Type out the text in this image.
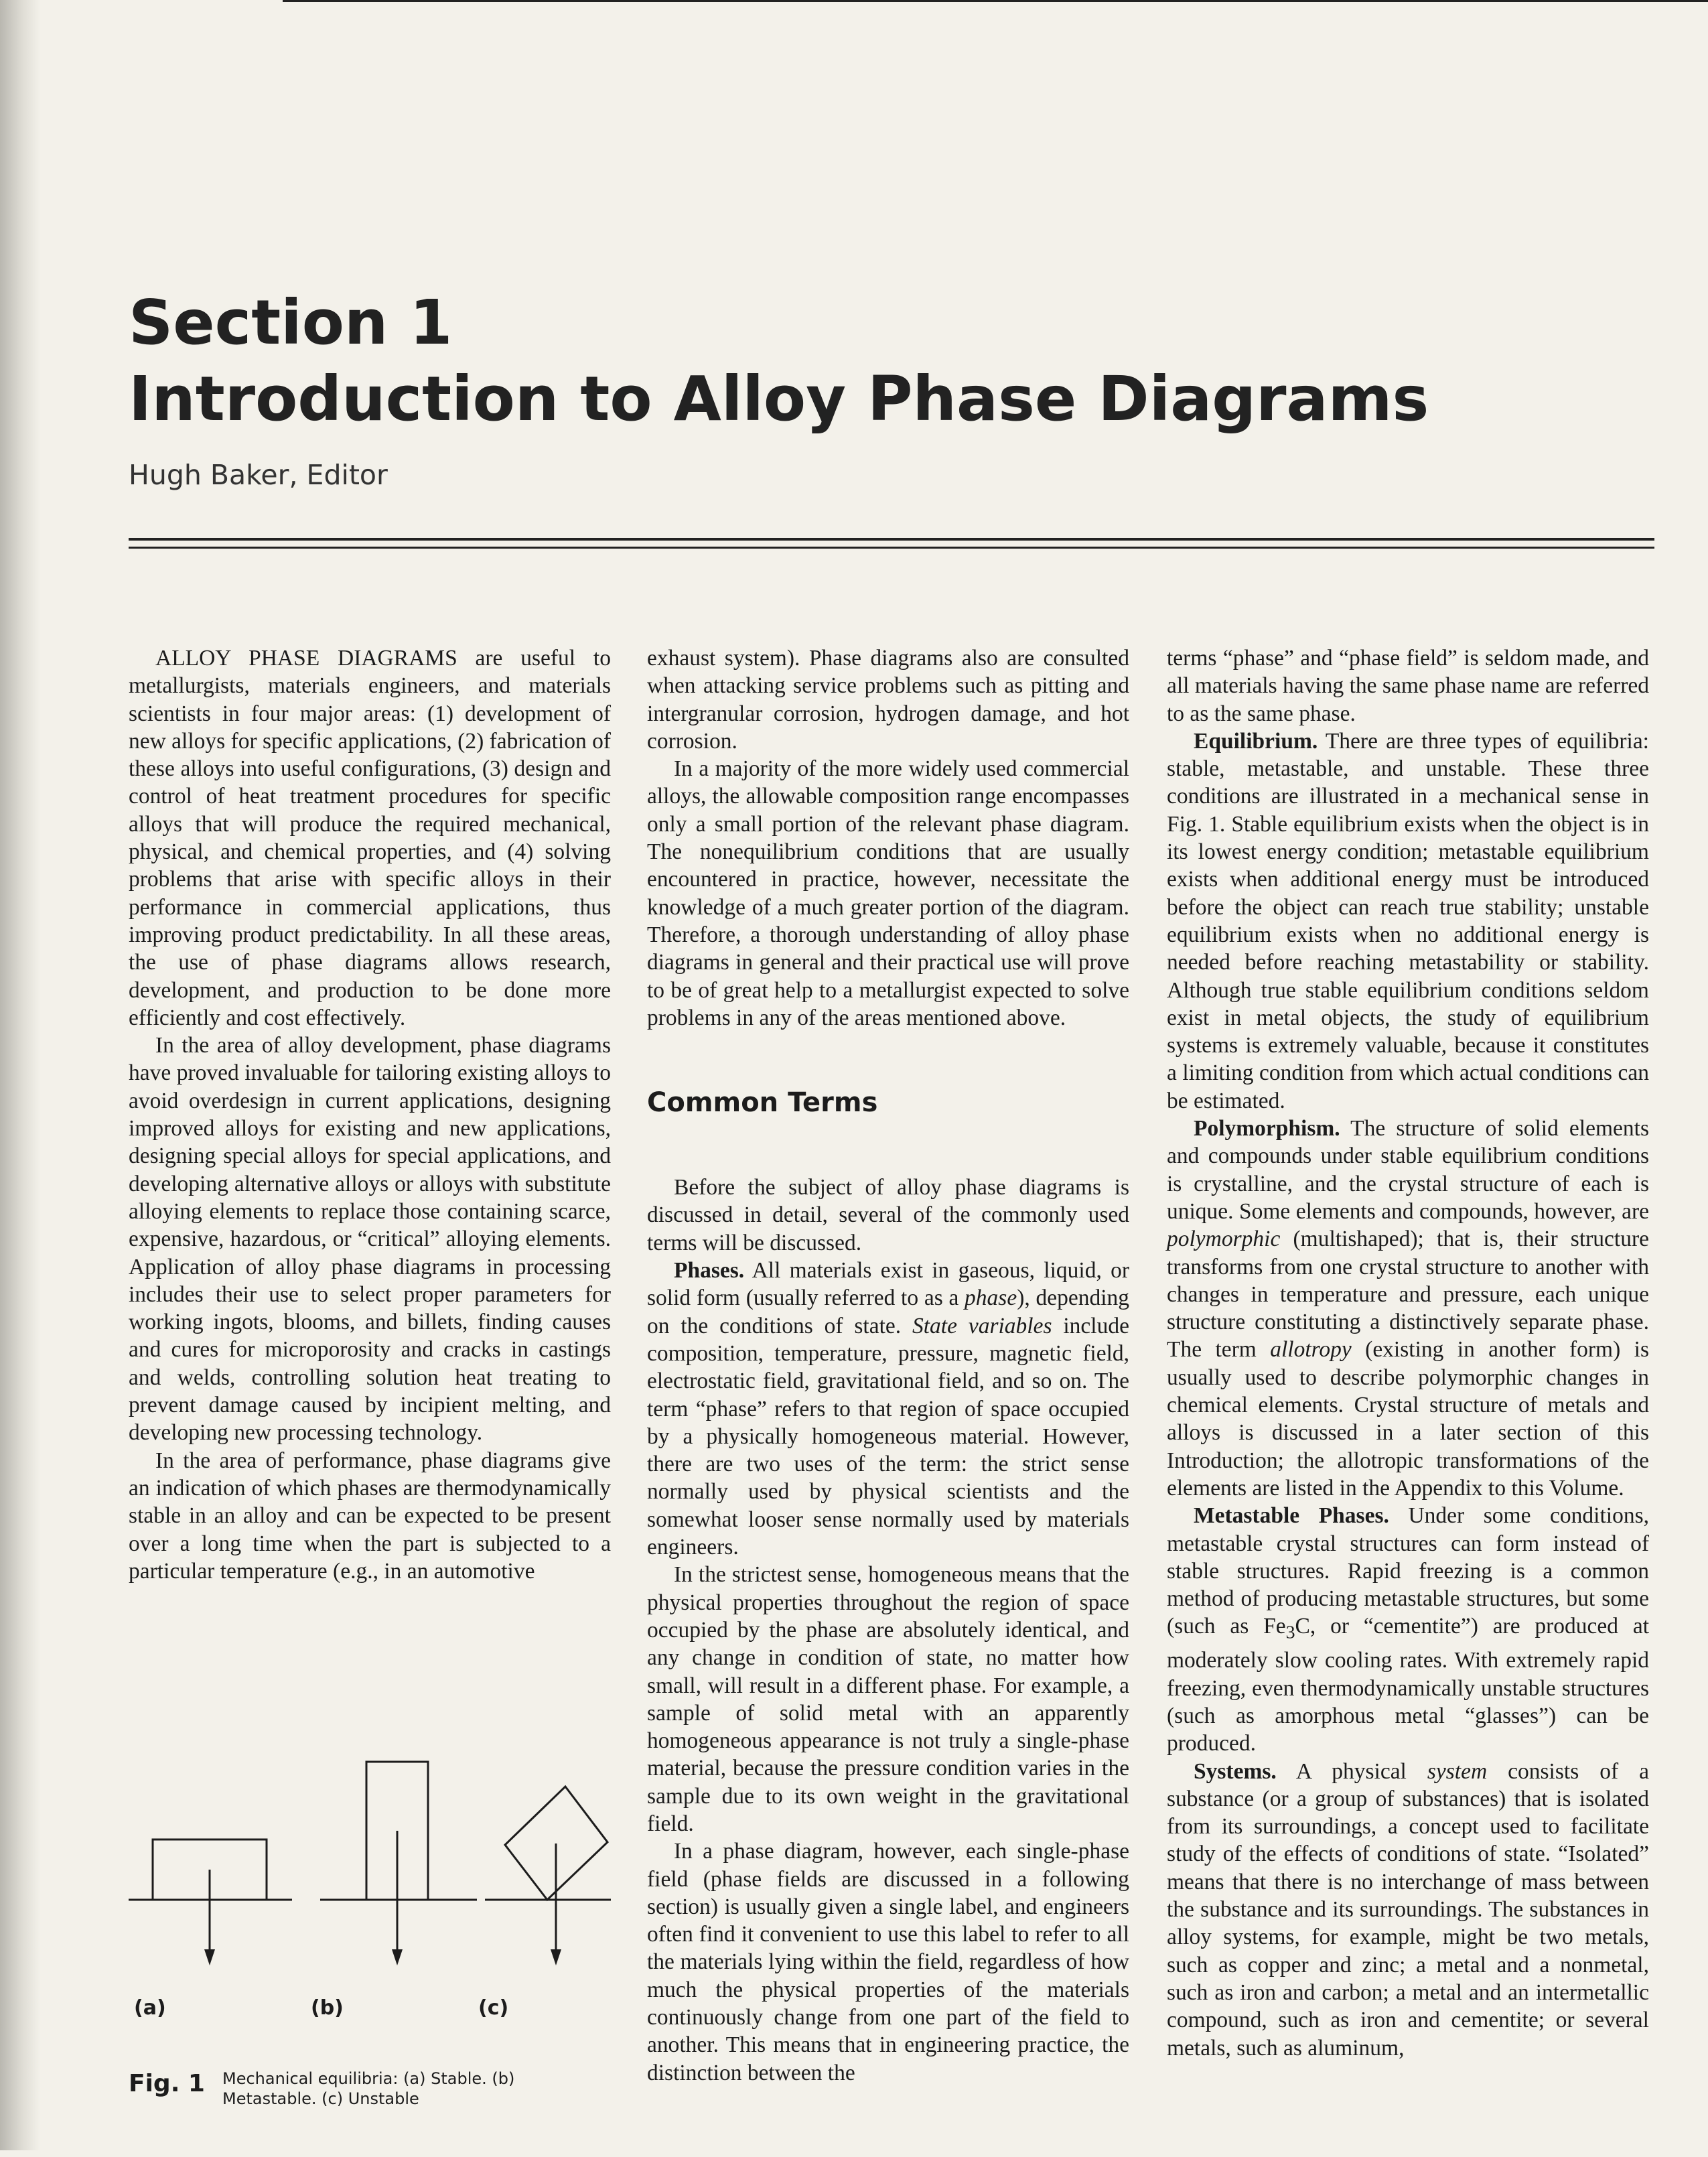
Section 1
Introduction to Alloy Phase Diagrams
Hugh Baker, Editor

ALLOY PHASE DIAGRAMS are useful to metallurgists, materials engineers, and materials scientists in four major areas: (1) development of new alloys for specific applications, (2) fabrication of these alloys into useful configurations, (3) design and control of heat treatment procedures for specific alloys that will produce the required mechanical, physical, and chemical properties, and (4) solving problems that arise with specific alloys in their performance in commercial applications, thus improving product predictability. In all these areas, the use of phase diagrams allows research, development, and production to be done more efficiently and cost effectively.

In the area of alloy development, phase diagrams have proved invaluable for tailoring existing alloys to avoid overdesign in current applications, designing improved alloys for existing and new applications, designing special alloys for special applications, and developing alternative alloys or alloys with substitute alloying elements to replace those containing scarce, expensive, hazardous, or “critical” alloying elements. Application of alloy phase diagrams in processing includes their use to select proper parameters for working ingots, blooms, and billets, finding causes and cures for microporosity and cracks in castings and welds, controlling solution heat treating to prevent damage caused by incipient melting, and developing new processing technology.

In the area of performance, phase diagrams give an indication of which phases are thermodynamically stable in an alloy and can be expected to be present over a long time when the part is subjected to a particular temperature (e.g., in an automotive

(a)	(b)	(c)
Fig. 1 Mechanical equilibria: (a) Stable. (b) Metastable. (c) Unstable

exhaust system). Phase diagrams also are consulted when attacking service problems such as pitting and intergranular corrosion, hydrogen damage, and hot corrosion.

In a majority of the more widely used commercial alloys, the allowable composition range encompasses only a small portion of the relevant phase diagram. The nonequilibrium conditions that are usually encountered in practice, however, necessitate the knowledge of a much greater portion of the diagram. Therefore, a thorough understanding of alloy phase diagrams in general and their practical use will prove to be of great help to a metallurgist expected to solve problems in any of the areas mentioned above.

Common Terms

Before the subject of alloy phase diagrams is discussed in detail, several of the commonly used terms will be discussed.

Phases. All materials exist in gaseous, liquid, or solid form (usually referred to as a phase), depending on the conditions of state. State variables include composition, temperature, pressure, magnetic field, electrostatic field, gravitational field, and so on. The term “phase” refers to that region of space occupied by a physically homogeneous material. However, there are two uses of the term: the strict sense normally used by physical scientists and the somewhat looser sense normally used by materials engineers.

In the strictest sense, homogeneous means that the physical properties throughout the region of space occupied by the phase are absolutely identical, and any change in condition of state, no matter how small, will result in a different phase. For example, a sample of solid metal with an apparently homogeneous appearance is not truly a single-phase material, because the pressure condition varies in the sample due to its own weight in the gravitational field.

In a phase diagram, however, each single-phase field (phase fields are discussed in a following section) is usually given a single label, and engineers often find it convenient to use this label to refer to all the materials lying within the field, regardless of how much the physical properties of the materials continuously change from one part of the field to another. This means that in engineering practice, the distinction between the

terms “phase” and “phase field” is seldom made, and all materials having the same phase name are referred to as the same phase.

Equilibrium. There are three types of equilibria: stable, metastable, and unstable. These three conditions are illustrated in a mechanical sense in Fig. 1. Stable equilibrium exists when the object is in its lowest energy condition; metastable equilibrium exists when additional energy must be introduced before the object can reach true stability; unstable equilibrium exists when no additional energy is needed before reaching metastability or stability. Although true stable equilibrium conditions seldom exist in metal objects, the study of equilibrium systems is extremely valuable, because it constitutes a limiting condition from which actual conditions can be estimated.

Polymorphism. The structure of solid elements and compounds under stable equilibrium conditions is crystalline, and the crystal structure of each is unique. Some elements and compounds, however, are polymorphic (multishaped); that is, their structure transforms from one crystal structure to another with changes in temperature and pressure, each unique structure constituting a distinctively separate phase. The term allotropy (existing in another form) is usually used to describe polymorphic changes in chemical elements. Crystal structure of metals and alloys is discussed in a later section of this Introduction; the allotropic transformations of the elements are listed in the Appendix to this Volume.

Metastable Phases. Under some conditions, metastable crystal structures can form instead of stable structures. Rapid freezing is a common method of producing metastable structures, but some (such as $Fe_3C$, or “cementite”) are produced at moderately slow cooling rates. With extremely rapid freezing, even thermodynamically unstable structures (such as amorphous metal “glasses”) can be produced.

Systems. A physical system consists of a substance (or a group of substances) that is isolated from its surroundings, a concept used to facilitate study of the effects of conditions of state. “Isolated” means that there is no interchange of mass between the substance and its surroundings. The substances in alloy systems, for example, might be two metals, such as copper and zinc; a metal and a nonmetal, such as iron and carbon; a metal and an intermetallic compound, such as iron and cementite; or several metals, such as aluminum,
